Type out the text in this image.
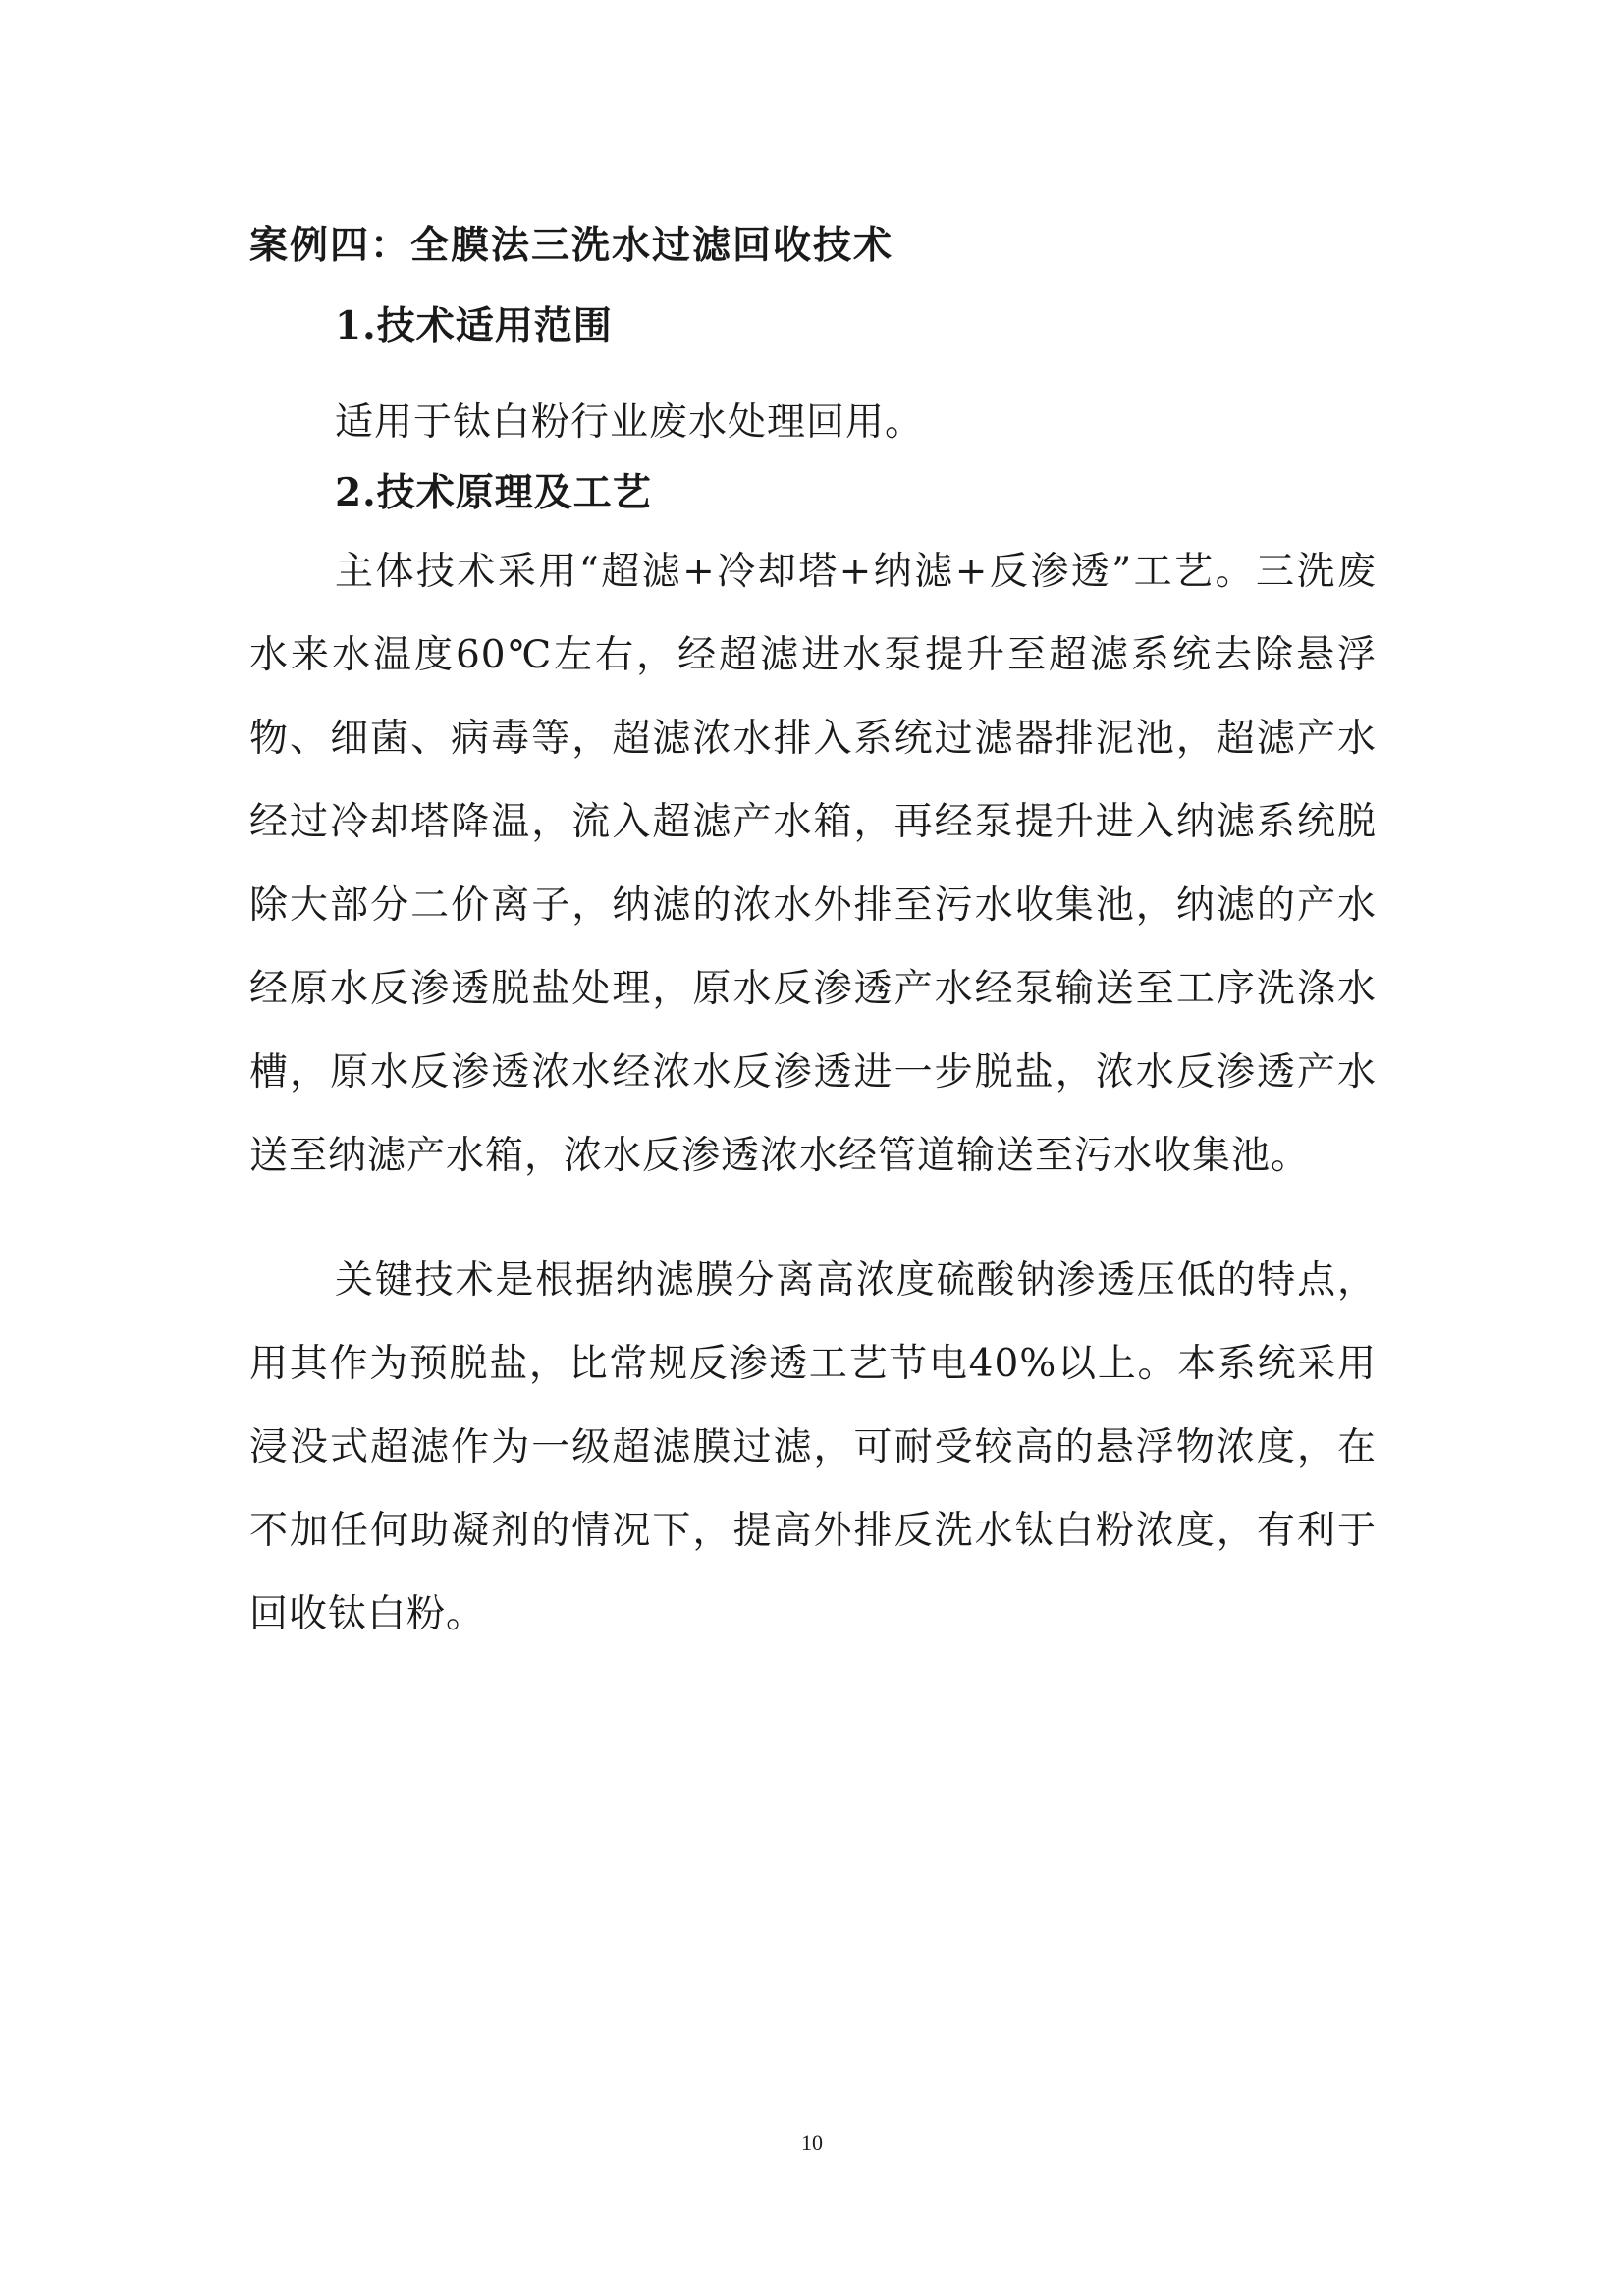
案例四：全膜法三洗水过滤回收技术
1.技术适用范围

适用于钛白粉行业废水处理回用。

2.技术原理及工艺

主体技术采用“超滤+冷却塔+纳滤+反渗透”工艺。三洗废水来水温度60℃左右，经超滤进水泵提升至超滤系统去除悬浮物、细菌、病毒等，超滤浓水排入系统过滤器排泥池，超滤产水经过冷却塔降温，流入超滤产水箱，再经泵提升进入纳滤系统脱除大部分二价离子，纳滤的浓水外排至污水收集池，纳滤的产水经原水反渗透脱盐处理，原水反渗透产水经泵输送至工序洗涤水槽，原水反渗透浓水经浓水反渗透进一步脱盐，浓水反渗透产水送至纳滤产水箱，浓水反渗透浓水经管道输送至污水收集池。

关键技术是根据纳滤膜分离高浓度硫酸钠渗透压低的特点，用其作为预脱盐，比常规反渗透工艺节电40%以上。本系统采用浸没式超滤作为一级超滤膜过滤，可耐受较高的悬浮物浓度，在不加任何助凝剂的情况下，提高外排反洗水钛白粉浓度，有利于回收钛白粉。

10
